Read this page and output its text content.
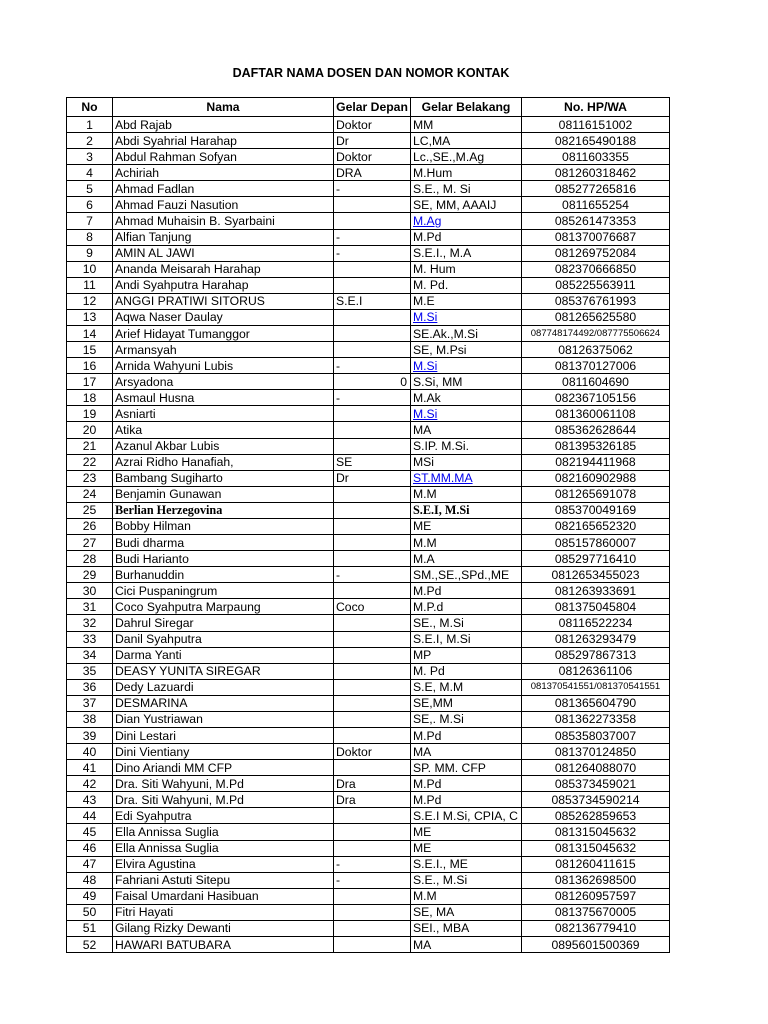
DAFTAR NAMA DOSEN DAN NOMOR KONTAK
No	Nama	Gelar Depan	Gelar Belakang	No. HP/WA
1	Abd Rajab	Doktor	MM	08116151002
2	Abdi Syahrial Harahap	Dr	LC,MA	082165490188
3	Abdul Rahman Sofyan	Doktor	Lc.,SE.,M.Ag	0811603355
4	Achiriah	DRA	M.Hum	081260318462
5	Ahmad Fadlan	-	S.E., M. Si	085277265816
6	Ahmad Fauzi Nasution		SE, MM, AAAIJ	0811655254
7	Ahmad Muhaisin B. Syarbaini		M.Ag	085261473353
8	Alfian Tanjung	-	M.Pd	081370076687
9	AMIN AL JAWI	-	S.E.I., M.A	081269752084
10	Ananda Meisarah Harahap		M. Hum	082370666850
11	Andi Syahputra Harahap		M. Pd.	085225563911
12	ANGGI PRATIWI SITORUS	S.E.I	M.E	085376761993
13	Aqwa Naser Daulay		M.Si	081265625580
14	Arief Hidayat Tumanggor		SE.Ak.,M.Si	087748174492/087775506624
15	Armansyah		SE, M.Psi	08126375062
16	Arnida Wahyuni Lubis	-	M.Si	081370127006
17	Arsyadona	0	S.Si, MM	0811604690
18	Asmaul Husna	-	M.Ak	082367105156
19	Asniarti		M.Si	081360061108
20	Atika		MA	085362628644
21	Azanul Akbar Lubis		S.IP. M.Si.	081395326185
22	Azrai Ridho Hanafiah,	SE	MSi	082194411968
23	Bambang Sugiharto	Dr	ST.MM.MA	082160902988
24	Benjamin Gunawan		M.M	081265691078
25	Berlian Herzegovina		S.E.I, M.Si	085370049169
26	Bobby Hilman		ME	082165652320
27	Budi dharma		M.M	085157860007
28	Budi Harianto		M.A	085297716410
29	Burhanuddin	-	SM.,SE.,SPd.,ME	0812653455023
30	Cici Puspaningrum		M.Pd	081263933691
31	Coco Syahputra Marpaung	Coco	M.P.d	081375045804
32	Dahrul Siregar		SE., M.Si	08116522234
33	Danil Syahputra		S.E.I, M.Si	081263293479
34	Darma Yanti		MP	085297867313
35	DEASY YUNITA SIREGAR		M. Pd	08126361106
36	Dedy Lazuardi		S.E, M.M	081370541551/081370541551
37	DESMARINA		SE,MM	081365604790
38	Dian Yustriawan		SE,. M.Si	081362273358
39	Dini Lestari		M.Pd	085358037007
40	Dini Vientiany	Doktor	MA	081370124850
41	Dino Ariandi MM CFP		SP. MM. CFP	081264088070
42	Dra. Siti Wahyuni, M.Pd	Dra	M.Pd	085373459021
43	Dra. Siti Wahyuni, M.Pd	Dra	M.Pd	0853734590214
44	Edi Syahputra		S.E.I M.Si, CPIA, C	085262859653
45	Ella Annissa Suglia		ME	081315045632
46	Ella Annissa Suglia		ME	081315045632
47	Elvira Agustina	-	S.E.I., ME	081260411615
48	Fahriani Astuti Sitepu	-	S.E., M.Si	081362698500
49	Faisal Umardani Hasibuan		M.M	081260957597
50	Fitri Hayati		SE, MA	081375670005
51	Gilang Rizky Dewanti		SEI., MBA	082136779410
52	HAWARI BATUBARA		MA	0895601500369
